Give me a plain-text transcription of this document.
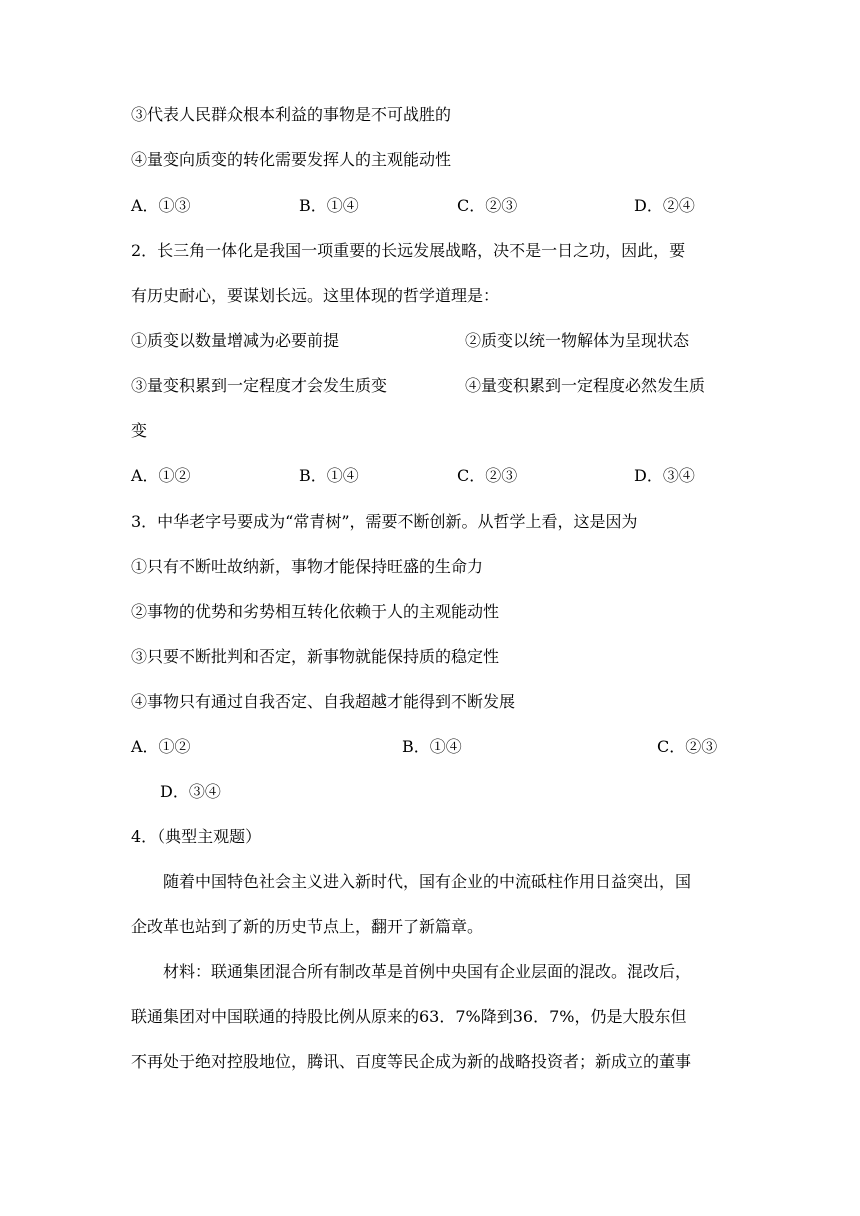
③代表人民群众根本利益的事物是不可战胜的
④量变向质变的转化需要发挥人的主观能动性
A．①③	B．①④	C．②③	D．②④
2．长三角一体化是我国一项重要的长远发展战略，决不是一日之功，因此，要
有历史耐心，要谋划长远。这里体现的哲学道理是：
①质变以数量增减为必要前提	②质变以统一物解体为呈现状态
③量变积累到一定程度才会发生质变	④量变积累到一定程度必然发生质
变
A．①②	B．①④	C．②③	D．③④
3．中华老字号要成为“常青树”，需要不断创新。从哲学上看，这是因为
①只有不断吐故纳新，事物才能保持旺盛的生命力
②事物的优势和劣势相互转化依赖于人的主观能动性
③只要不断批判和否定，新事物就能保持质的稳定性
④事物只有通过自我否定、自我超越才能得到不断发展
A．①②	B．①④	C．②③
D．③④
4．（典型主观题）
随着中国特色社会主义进入新时代，国有企业的中流砥柱作用日益突出，国
企改革也站到了新的历史节点上，翻开了新篇章。
材料：联通集团混合所有制改革是首例中央国有企业层面的混改。混改后，
联通集团对中国联通的持股比例从原来的63．7%降到36．7%，仍是大股东但
不再处于绝对控股地位，腾讯、百度等民企成为新的战略投资者；新成立的董事
